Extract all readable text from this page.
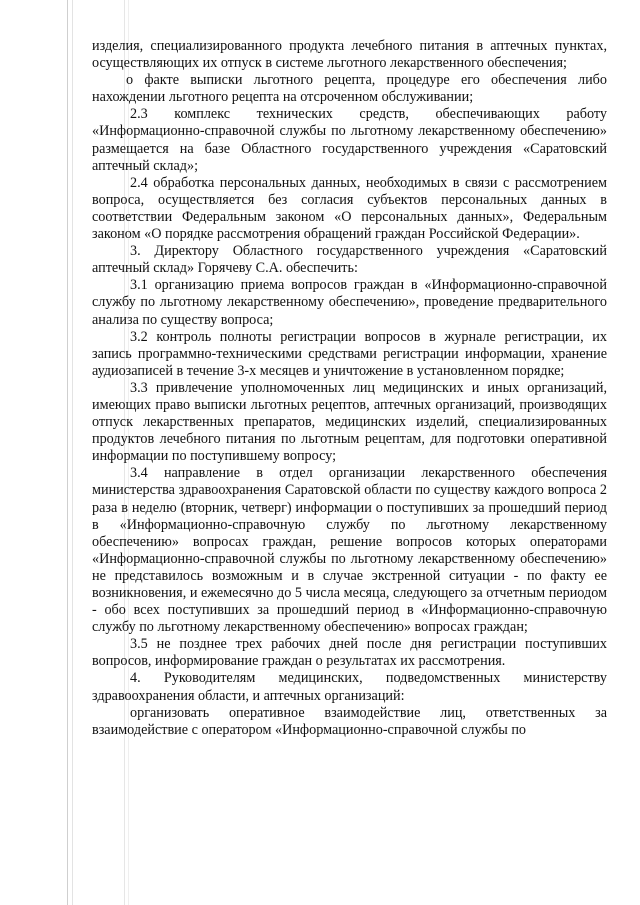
изделия, специализированного продукта лечебного питания в аптечных пунктах, осуществляющих их отпуск в системе льготного лекарственного обеспечения;

о факте выписки льготного рецепта, процедуре его обеспечения либо нахождении льготного рецепта на отсроченном обслуживании;

2.3 комплекс технических средств, обеспечивающих работу «Информационно-справочной службы по льготному лекарственному обеспечению» размещается на базе Областного государственного учреждения «Саратовский аптечный склад»;

2.4 обработка персональных данных, необходимых в связи с рассмотрением вопроса, осуществляется без согласия субъектов персональных данных в соответствии Федеральным законом «О персональных данных», Федеральным законом «О порядке рассмотрения обращений граждан Российской Федерации».

3. Директору Областного государственного учреждения «Саратовский аптечный склад» Горячеву С.А. обеспечить:

3.1 организацию приема вопросов граждан в «Информационно-справочной службу по льготному лекарственному обеспечению», проведение предварительного анализа по существу вопроса;

3.2 контроль полноты регистрации вопросов в журнале регистрации, их запись программно-техническими средствами регистрации информации, хранение аудиозаписей в течение 3-х месяцев и уничтожение в установленном порядке;

3.3 привлечение уполномоченных лиц медицинских и иных организаций, имеющих право выписки льготных рецептов, аптечных организаций, производящих отпуск лекарственных препаратов, медицинских изделий, специализированных продуктов лечебного питания по льготным рецептам, для подготовки оперативной информации по поступившему вопросу;

3.4 направление в отдел организации лекарственного обеспечения министерства здравоохранения Саратовской области по существу каждого вопроса 2 раза в неделю (вторник, четверг) информации о поступивших за прошедший период в «Информационно-справочную службу по льготному лекарственному обеспечению» вопросах граждан, решение вопросов которых операторами «Информационно-справочной службы по льготному лекарственному обеспечению» не представилось возможным и в случае экстренной ситуации - по факту ее возникновения, и ежемесячно до 5 числа месяца, следующего за отчетным периодом - обо всех поступивших за прошедший период в «Информационно-справочную службу по льготному лекарственному обеспечению» вопросах граждан;

3.5 не позднее трех рабочих дней после дня регистрации поступивших вопросов, информирование граждан о результатах их рассмотрения.

4. Руководителям медицинских, подведомственных министерству здравоохранения области, и аптечных организаций:

организовать оперативное взаимодействие лиц, ответственных за взаимодействие с оператором «Информационно-справочной службы по
